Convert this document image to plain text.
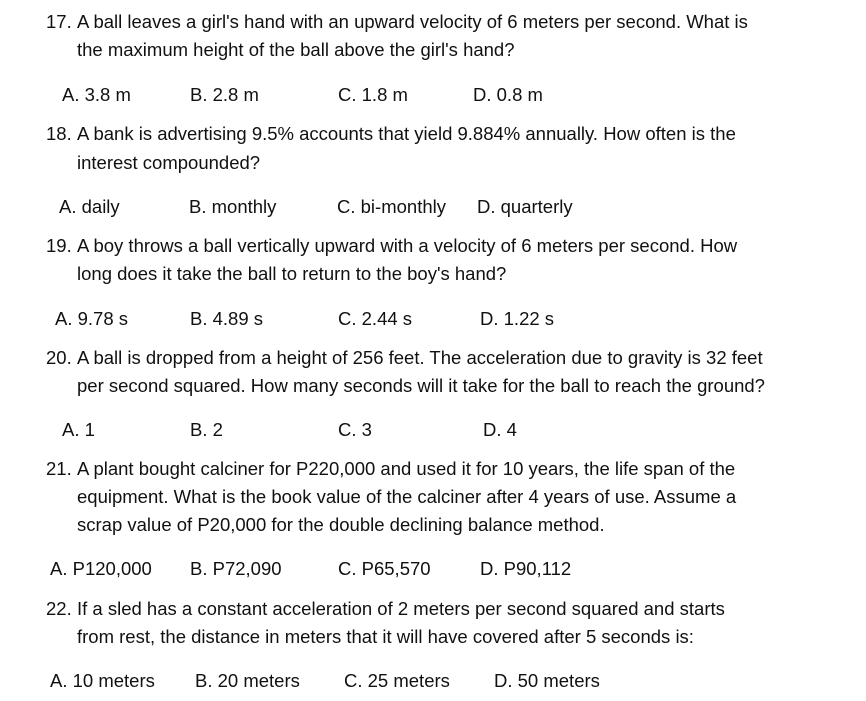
17. A ball leaves a girl's hand with an upward velocity of 6 meters per second. What is
the maximum height of the ball above the girl's hand?
A. 3.8 m	B. 2.8 m	C. 1.8 m	D. 0.8 m
18. A bank is advertising 9.5% accounts that yield 9.884% annually. How often is the
interest compounded?
A. daily	B. monthly	C. bi-monthly D. quarterly
19. A boy throws a ball vertically upward with a velocity of 6 meters per second. How
long does it take the ball to return to the boy's hand?
A. 9.78 s	B. 4.89 s	C. 2.44 s	D. 1.22 s
20. A ball is dropped from a height of 256 feet. The acceleration due to gravity is 32 feet
per second squared. How many seconds will it take for the ball to reach the ground?
A. 1	B. 2	C. 3	D. 4
21. A plant bought calciner for P220,000 and used it for 10 years, the life span of the
equipment. What is the book value of the calciner after 4 years of use. Assume a
scrap value of P20,000 for the double declining balance method.
A. P120,000 B. P72,090	C. P65,570	D. P90,112
22. If a sled has a constant acceleration of 2 meters per second squared and starts
from rest, the distance in meters that it will have covered after 5 seconds is:
A. 10 meters B. 20 meters C. 25 meters D. 50 meters
